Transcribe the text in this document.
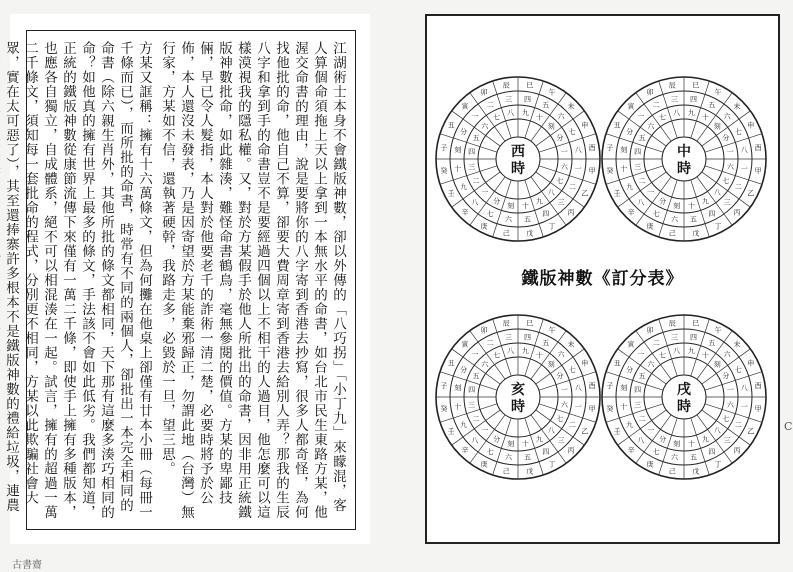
江湖術士本身不會鐵版神數，卻以外傳的「八巧拐」「小丁九」來矇混，客人算個命須拖上天以上拿到一本無水平的命書，如台北市民生東路方某，他渥交命書的理由，說是要將你的八字寄到香港去抄寫，很多人都奇怪，為何找他批的命，他自己不算，卻要大費周章寄到香港去給別人弄？那我的生辰八字和拿到手的命書豈不是要經過四個以上不相干的人過目，他怎麼可以這樣漠視我的隱私權。又，對於方某假手於他人所批出的命書，因非用正統鐵版神數批命，如此雜湊，難怪命書鶴鳥，毫無參閱的價值。方某的卑鄙技倆，早已令人髮指，本人對於他要老千的詐術一清二楚，必要時將予於公佈，本人還沒未發表，乃是因寄望於方某能棄邪歸正，勿謂此地（台灣）無行家，方某如不信，還執著硬幹，我路走多，必毀於一旦，望三思。

方某又誆稱：擁有十六萬條文，但為何攤在他桌上卻僅有廿本小冊（每冊一千條而已），而所批的命書，時常有不同的兩個人，卻批出一本完全相同的命書（除六親生肖外，其他所批的條文都相同，天下那有這麼多湊巧相同的命？如他真的擁有世界上最多的條文，手法該不會如此低劣。我們都知道，正統的鐵版神數從康節流傳下來僅有一萬二千條，即使手上擁有多種版本，也應各自獨立，自成體系，絕不可以相混湊在一起。試言，擁有的超過一萬二千條文，須知每一套批命的程式，分別更不相同，方某以此欺騙社會大眾，實在太可惡了），其至還捧寨許多根本不是鐵版神數的禮給垃圾，連農

甲
一
六
乙
二
七
丙
三
八
丁
四
九
戊
五
十
己
六
刻
庚
七
分
辛
八
一
壬
九
二
癸 十 三
子 刻 四
丑
分
五
寅
一
六
卯
二
七
辰
三
八
巳
四
九
午
五
十
未
六
刻	申
七
分
酉
八
一
西
時	甲
一
六
乙
二
七
丙
三
八
丁
四
九
戊
五
十
己
六
刻
庚
七
分
辛
八
一
壬
九
二
癸 十 三
子 刻 四
丑
分
五
寅
一
六
卯
二
七
辰
三
八
巳
四
九
午
五
十
未
六
刻	申
七
分
酉
八
一
中
時
鐵版神數《訂分表》
甲
一
六
乙
二
七
丙
三
八
丁
四
九
戊
五
十
己
六
刻
庚
七
分
辛
八
一
壬
九
二
癸 十 三
子 刻 四
丑
分
五
寅
一
六
卯
二
七
辰
三
八
巳
四
九
午
五
十
未
六
刻	申
七
分
酉
八
一
亥
時	甲
一
六
乙
二
七
丙
三
八
丁
四
九
戊
五
十
己
六
刻
庚
七
分
辛
八
一
壬
九
二
癸 十 三
子 刻 四
丑
分
五
寅
一
六
卯
二
七
辰
三
八
巳
四
九
午
五
十
未
六
刻	申
七
分
酉
八
一
戌
時
古書齋
C
